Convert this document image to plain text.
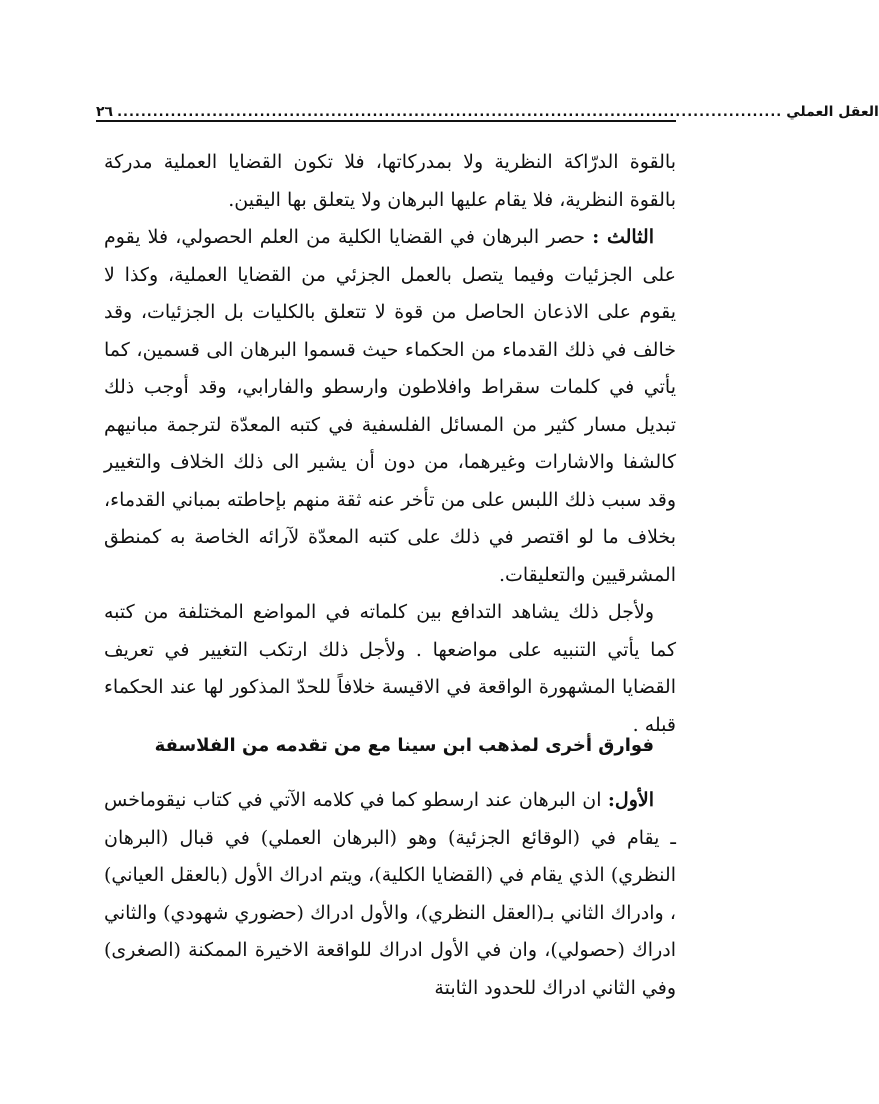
٢٦ ................................................................................................................ العقل العملي

بالقوة الدرّاكة النظرية ولا بمدركاتها، فلا تكون القضايا العملية مدركة بالقوة النظرية، فلا يقام عليها البرهان ولا يتعلق بها اليقين.

الثالث : حصر البرهان في القضايا الكلية من العلم الحصولي، فلا يقوم على الجزئيات وفيما يتصل بالعمل الجزئي من القضايا العملية، وكذا لا يقوم على الاذعان الحاصل من قوة لا تتعلق بالكليات بل الجزئيات، وقد خالف في ذلك القدماء من الحكماء حيث قسموا البرهان الى قسمين، كما يأتي في كلمات سقراط وافلاطون وارسطو والفارابي، وقد أوجب ذلك تبديل مسار كثير من المسائل الفلسفية في كتبه المعدّة لترجمة مبانيهم كالشفا والاشارات وغيرهما، من دون أن يشير الى ذلك الخلاف والتغيير وقد سبب ذلك اللبس على من تأخر عنه ثقة منهم بإحاطته بمباني القدماء، بخلاف ما لو اقتصر في ذلك على كتبه المعدّة لآرائه الخاصة به كمنطق المشرقيين والتعليقات.

ولأجل ذلك يشاهد التدافع بين كلماته في المواضع المختلفة من كتبه كما يأتي التنبيه على مواضعها . ولأجل ذلك ارتكب التغيير في تعريف القضايا المشهورة الواقعة في الاقيسة خلافاً للحدّ المذكور لها عند الحكماء قبله .

فوارق أخرى لمذهب ابن سينا مع من تقدمه من الفلاسفة

الأول: ان البرهان عند ارسطو كما في كلامه الآتي في كتاب نيقوماخس ـ يقام في (الوقائع الجزئية) وهو (البرهان العملي) في قبال (البرهان النظري) الذي يقام في (القضايا الكلية)، ويتم ادراك الأول (بالعقل العياني) ، وادراك الثاني بـ(العقل النظري)، والأول ادراك (حضوري شهودي) والثاني ادراك (حصولي)، وان في الأول ادراك للواقعة الاخيرة الممكنة (الصغرى) وفي الثاني ادراك للحدود الثابتة
